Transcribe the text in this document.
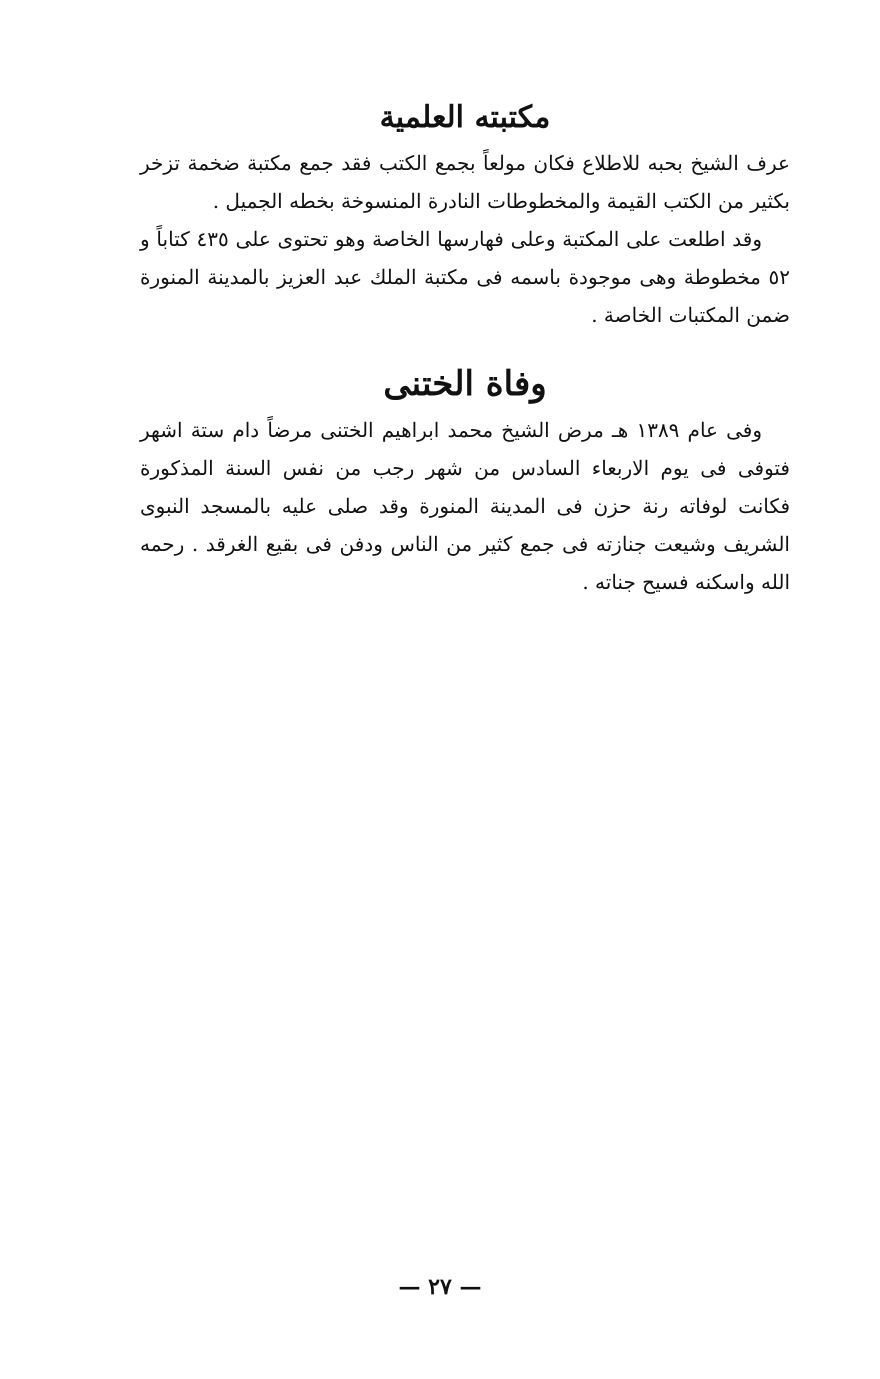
مكتبته العلمية

عرف الشيخ بحبه للاطلاع فكان مولعاً بجمع الكتب فقد جمع مكتبة ضخمة تزخر بكثير من الكتب القيمة والمخطوطات النادرة المنسوخة بخطه الجميل .

وقد اطلعت على المكتبة وعلى فهارسها الخاصة وهو تحتوى على ٤٣٥ كتاباً و ٥٢ مخطوطة وهى موجودة باسمه فى مكتبة الملك عبد العزيز بالمدينة المنورة ضمن المكتبات الخاصة .

وفاة الختنى

وفى عام ١٣٨٩ هـ مرض الشيخ محمد ابراهيم الختنى مرضاً دام ستة اشهر فتوفى فى يوم الاربعاء السادس من شهر رجب من نفس السنة المذكورة فكانت لوفاته رنة حزن فى المدينة المنورة وقد صلى عليه بالمسجد النبوى الشريف وشيعت جنازته فى جمع كثير من الناس ودفن فى بقيع الغرقد . رحمه الله واسكنه فسيح جناته .

— ٢٧ —
